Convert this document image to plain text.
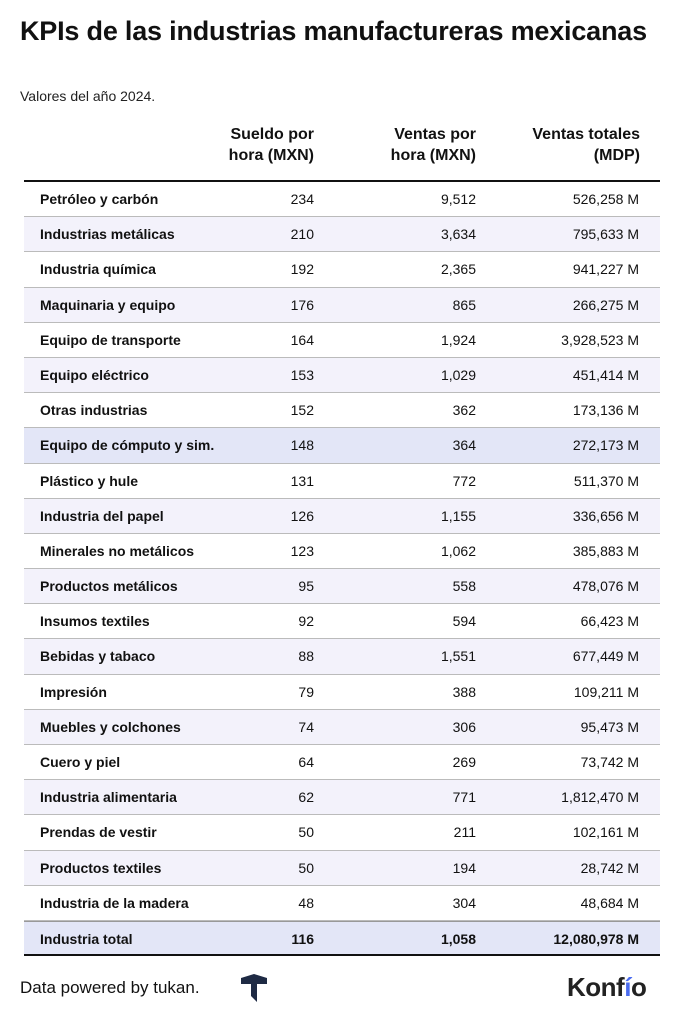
KPIs de las industrias manufactureras mexicanas
Valores del año 2024.
Sueldo por
hora (MXN)
Ventas por
hora (MXN)
Ventas totales
(MDP)
Petróleo y carbón	234	9,512	526,258 M
Industrias metálicas	210	3,634	795,633 M
Industria química	192	2,365	941,227 M
Maquinaria y equipo	176	865	266,275 M
Equipo de transporte	164	1,924	3,928,523 M
Equipo eléctrico	153	1,029	451,414 M
Otras industrias	152	362	173,136 M
Equipo de cómputo y sim.	148	364	272,173 M
Plástico y hule	131	772	511,370 M
Industria del papel	126	1,155	336,656 M
Minerales no metálicos	123	1,062	385,883 M
Productos metálicos	95	558	478,076 M
Insumos textiles	92	594	66,423 M
Bebidas y tabaco	88	1,551	677,449 M
Impresión	79	388	109,211 M
Muebles y colchones	74	306	95,473 M
Cuero y piel	64	269	73,742 M
Industria alimentaria	62	771	1,812,470 M
Prendas de vestir	50	211	102,161 M
Productos textiles	50	194	28,742 M
Industria de la madera	48	304	48,684 M
Industria total	116	1,058	12,080,978 M
Data powered by tukan.	Konfío
